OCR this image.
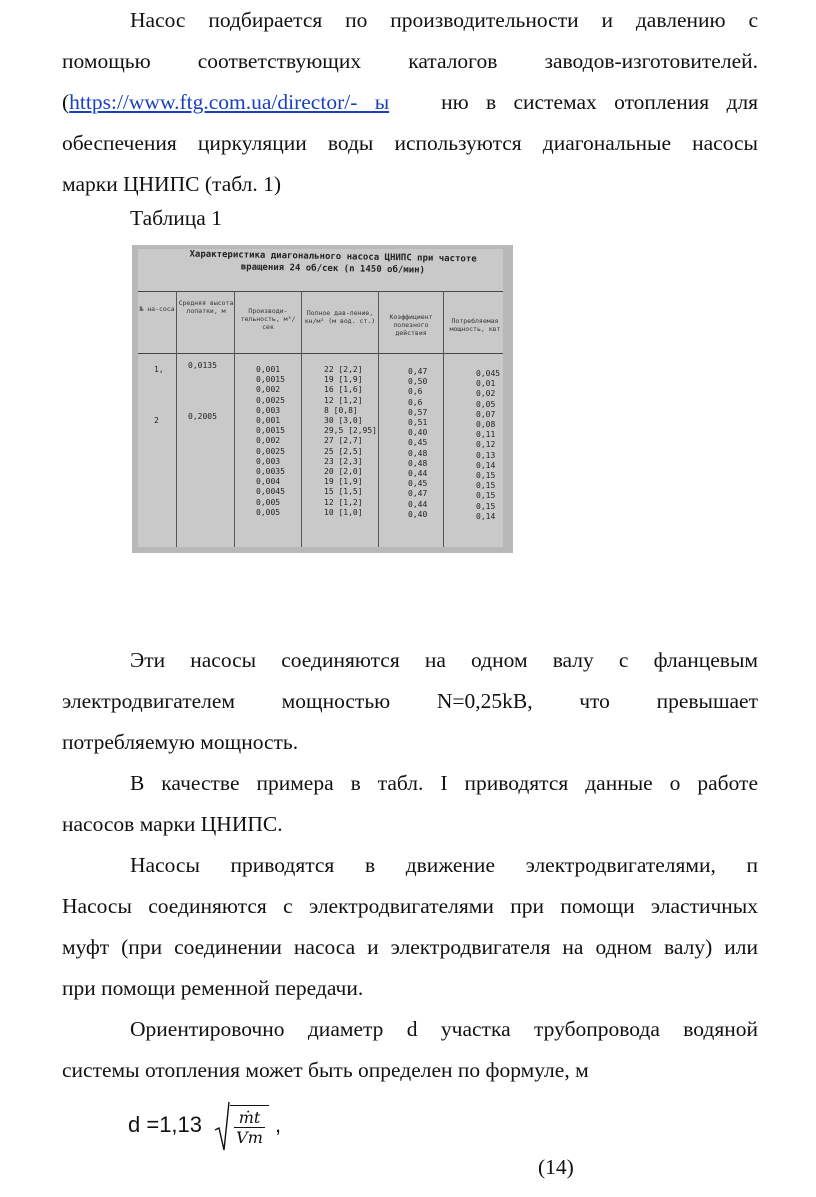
Насос подбирается по производительности и давлению с
помощью соответствующих каталогов заводов-изготовителей.
(https://www.ftg.com.ua/director/- ы ню в системах отопления для
обеспечения циркуляции воды используются диагональные насосы
марки ЦНИПС (табл. 1)
Таблица 1
Характеристика диагонального насоса ЦНИПС при частоте
вращения 24 об/сек (n 1450 об/мин)
№ на-соса
Средняя высота лопатки, м	Производи-тельность, м³/сек
Полное дав-ление, кн/м² (м вод. ст.)	Коэффициент полезного действия
Потребляемая мощность, квт
1,

2
0,0135

0,2005
0,001
0,0015
0,002
0,0025
0,003
0,001
0,0015
0,002
0,0025
0,003
0,0035
0,004
0,0045
0,005
0,005
22 [2,2]
19 [1,9]
16 [1,6]
12 [1,2]
8 [0,8]
30 [3,0]
29,5 [2,95]
27 [2,7]
25 [2,5]
23 [2,3]
20 [2,0]
19 [1,9]
15 [1,5]
12 [1,2]
10 [1,0]
0,47
0,50
0,6
0,6
0,57
0,51
0,40
0,45
0,48
0,48
0,44
0,45
0,47
0,44
0,40
0,045
0,01
0,02
0,05
0,07
0,08
0,11
0,12
0,13
0,14
0,15
0,15
0,15
0,15
0,14
Эти насосы соединяются на одном валу с фланцевым
электродвигателем мощностью N=0,25kВ, что превышает
потребляемую мощность.
В качестве примера в табл. I приводятся данные о работе
насосов марки ЦНИПС.
Насосы приводятся в движение электродвигателями, п
Насосы соединяются с электродвигателями при помощи эластичных
муфт (при соединении насоса и электродвигателя на одном валу) или
при помощи ременной передачи.
Ориентировочно диаметр d участка трубопровода водяной
системы отопления может быть определен по формуле, м
$d =1,13 \frac{\text{ṁt}}{Vm}$ ,
(14)
